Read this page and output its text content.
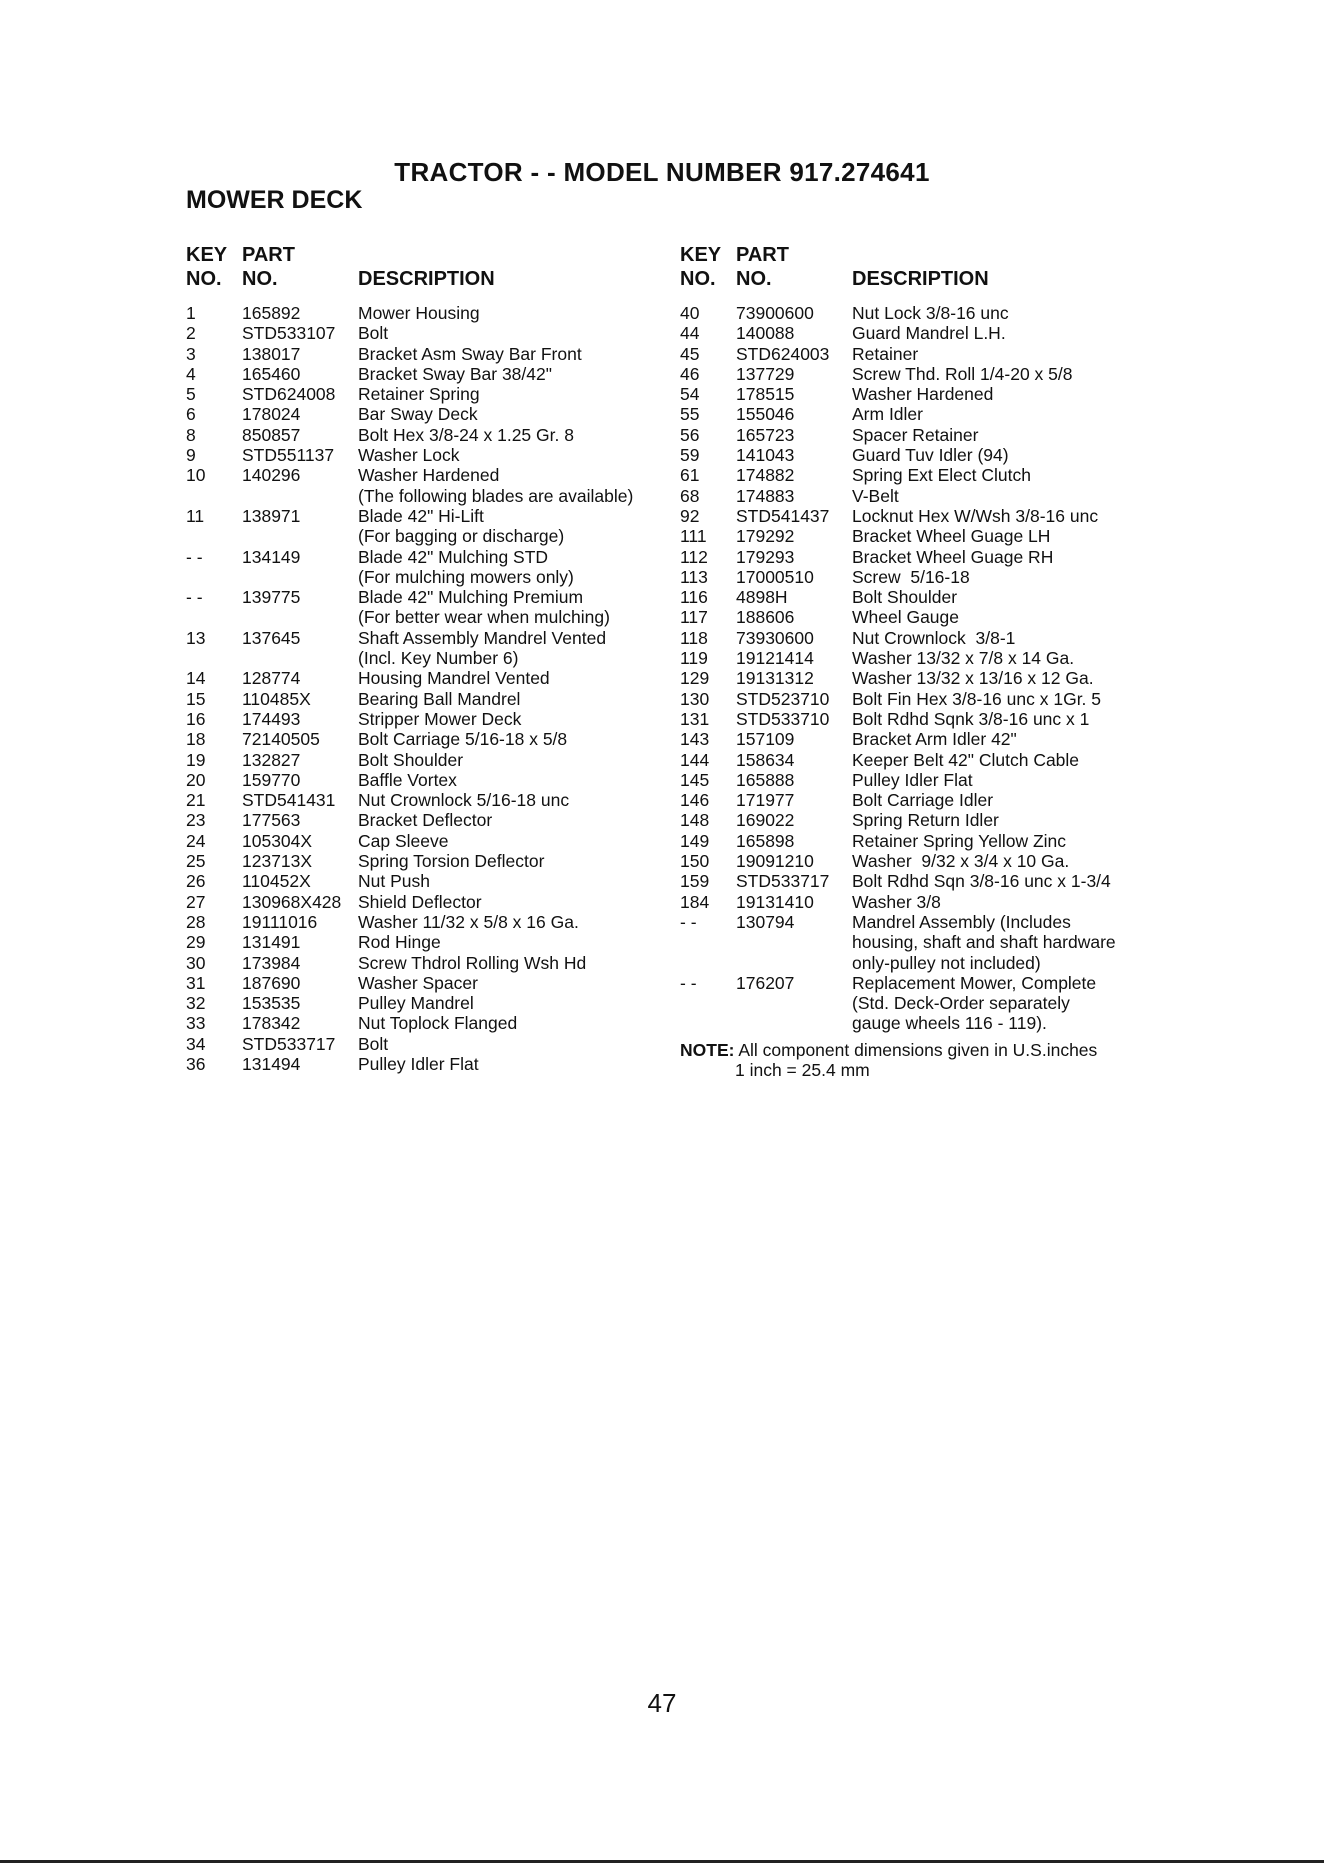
TRACTOR - - MODEL NUMBER 917.274641
MOWER DECK
KEY
NO.
PART
NO.	DESCRIPTION
1	165892	Mower Housing
2	STD533107	Bolt
3	138017	Bracket Asm Sway Bar Front
4	165460	Bracket Sway Bar 38/42"
5	STD624008	Retainer Spring
6	178024	Bar Sway Deck
8	850857	Bolt Hex 3/8-24 x 1.25 Gr. 8
9	STD551137	Washer Lock
10	140296	Washer Hardened
(The following blades are available)
11	138971	Blade 42" Hi-Lift
(For bagging or discharge)
- -	134149	Blade 42" Mulching STD
(For mulching mowers only)
- -	139775	Blade 42" Mulching Premium
(For better wear when mulching)
13	137645	Shaft Assembly Mandrel Vented
(Incl. Key Number 6)
14	128774	Housing Mandrel Vented
15	110485X	Bearing Ball Mandrel
16	174493	Stripper Mower Deck
18	72140505	Bolt Carriage 5/16-18 x 5/8
19	132827	Bolt Shoulder
20	159770	Baffle Vortex
21	STD541431	Nut Crownlock 5/16-18 unc
23	177563	Bracket Deflector
24	105304X	Cap Sleeve
25	123713X	Spring Torsion Deflector
26	110452X	Nut Push
27	130968X428 Shield Deflector
28	19111016	Washer 11/32 x 5/8 x 16 Ga.
29	131491	Rod Hinge
30	173984	Screw Thdrol Rolling Wsh Hd
31	187690	Washer Spacer
32	153535	Pulley Mandrel
33	178342	Nut Toplock Flanged
34	STD533717	Bolt
36	131494	Pulley Idler Flat
KEY
NO.
PART
NO.	DESCRIPTION
40	73900600	Nut Lock 3/8-16 unc
44	140088	Guard Mandrel L.H.
45	STD624003	Retainer
46	137729	Screw Thd. Roll 1/4-20 x 5/8
54	178515	Washer Hardened
55	155046	Arm Idler
56	165723	Spacer Retainer
59	141043	Guard Tuv Idler (94)
61	174882	Spring Ext Elect Clutch
68	174883	V-Belt
92	STD541437	Locknut Hex W/Wsh 3/8-16 unc
111	179292	Bracket Wheel Guage LH
112	179293	Bracket Wheel Guage RH
113	17000510	Screw  5/16-18
116	4898H	Bolt Shoulder
117	188606	Wheel Gauge
118	73930600	Nut Crownlock  3/8-1
119	19121414	Washer 13/32 x 7/8 x 14 Ga.
129	19131312	Washer 13/32 x 13/16 x 12 Ga.
130	STD523710	Bolt Fin Hex 3/8-16 unc x 1Gr. 5
131	STD533710	Bolt Rdhd Sqnk 3/8-16 unc x 1
143	157109	Bracket Arm Idler 42"
144	158634	Keeper Belt 42" Clutch Cable
145	165888	Pulley Idler Flat
146	171977	Bolt Carriage Idler
148	169022	Spring Return Idler
149	165898	Retainer Spring Yellow Zinc
150	19091210	Washer  9/32 x 3/4 x 10 Ga.
159	STD533717	Bolt Rdhd Sqn 3/8-16 unc x 1-3/4
184	19131410	Washer 3/8
- -	130794	Mandrel Assembly (Includes
housing, shaft and shaft hardware
only-pulley not included)
- -	176207	Replacement Mower, Complete
(Std. Deck-Order separately
gauge wheels 116 - 119).
NOTE: All component dimensions given in U.S.inches
1 inch = 25.4 mm
47
